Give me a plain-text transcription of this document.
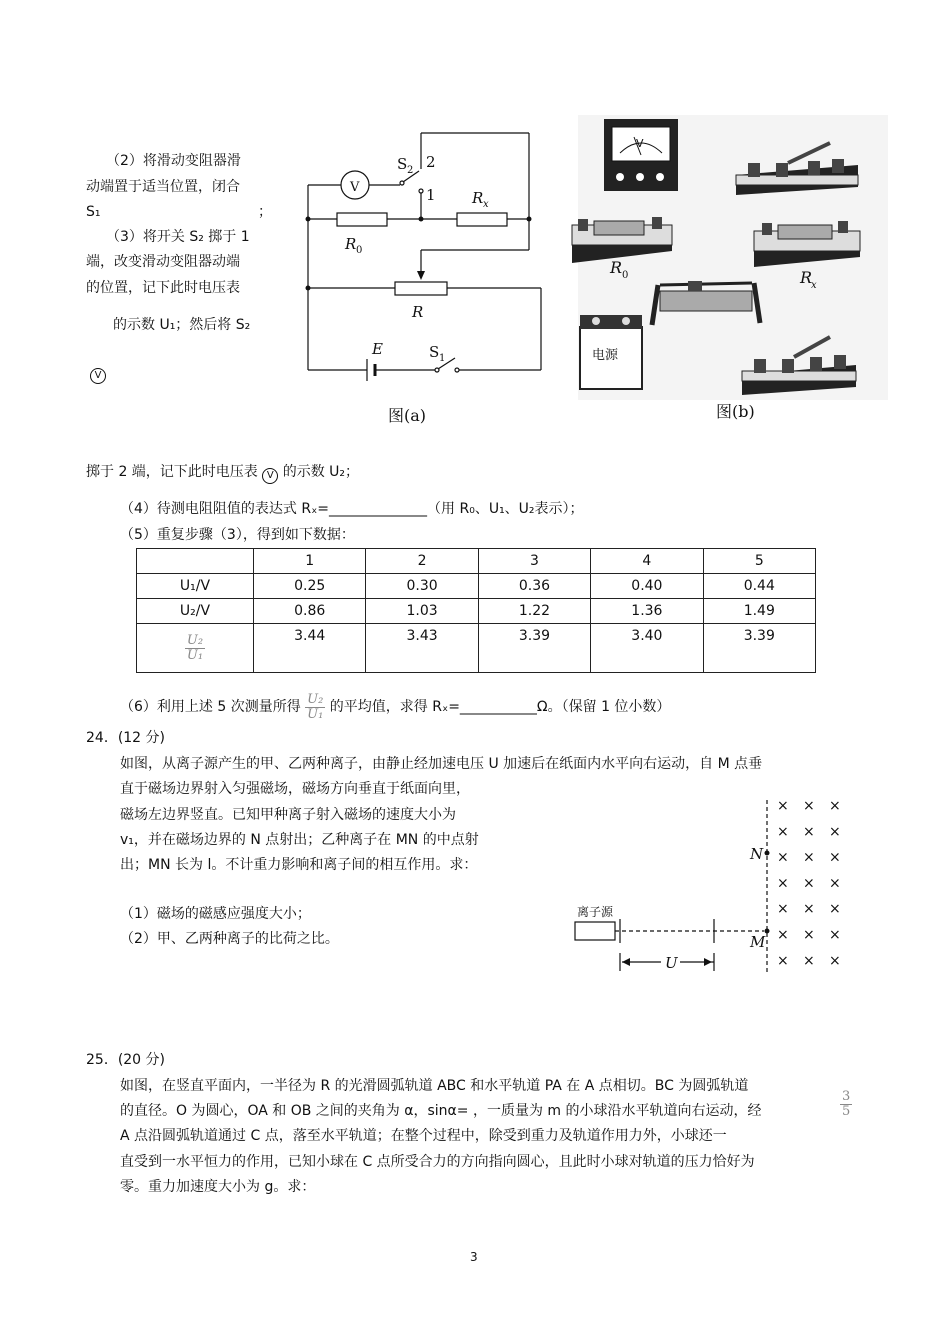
（2）将滑动变阻器滑
动端置于适当位置，闭合
S₁	；
（3）将开关 S₂ 掷于 1
端，改变滑动变阻器动端
的位置，记下此时电压表
的示数 U₁；然后将 S₂
V
V
S 2 2
1 R x
R 0
R
E	S 1
图(a)
V
R 0	R
x
电源
图(b)
掷于 2 端，记下此时电压表 V 的示数 U₂；
（4）待测电阻阻值的表达式 Rₓ=______________（用 R₀、U₁、U₂表示）；
（5）重复步骤（3），得到如下数据：
	1	2	3	4	5
U₁/V	0.25	0.30	0.36	0.40	0.44
U₂/V	0.86	1.03	1.22	1.36	1.49

$\frac{\text{U₂}}{\text{U₁}}$	3.44	3.43	3.39	3.40	3.39
（6）利用上述 5 次测量所得 $\frac{\text{U₂}}{\text{U₁}}$ 的平均值，求得 Rₓ=___________Ω。（保留 1 位小数）
24．(12 分)
如图，从离子源产生的甲、乙两种离子，由静止经加速电压 U 加速后在纸面内水平向右运动，自 M 点垂
直于磁场边界射入匀强磁场，磁场方向垂直于纸面向里，
磁场左边界竖直。已知甲种离子射入磁场的速度大小为
v₁，并在磁场边界的 N 点射出；乙种离子在 MN 的中点射
出；MN 长为 l。不计重力影响和离子间的相互作用。求：
（1）磁场的磁感应强度大小；
（2）甲、乙两种离子的比荷之比。
离子源
U
N
M
× × ×
× × ×
× × ×
× × ×
× × ×
× × ×
× × ×
25．(20 分)
如图，在竖直平面内，一半径为 R 的光滑圆弧轨道 ABC 和水平轨道 PA 在 A 点相切。BC 为圆弧轨道
的直径。O 为圆心，OA 和 OB 之间的夹角为 α，sinα= ，一质量为 m 的小球沿水平轨道向右运动，经
A 点沿圆弧轨道通过 C 点，落至水平轨道；在整个过程中，除受到重力及轨道作用力外，小球还一
直受到一水平恒力的作用，已知小球在 C 点所受合力的方向指向圆心，且此时小球对轨道的压力恰好为
零。重力加速度大小为 g。求：
$\frac{3}{5}$
3
